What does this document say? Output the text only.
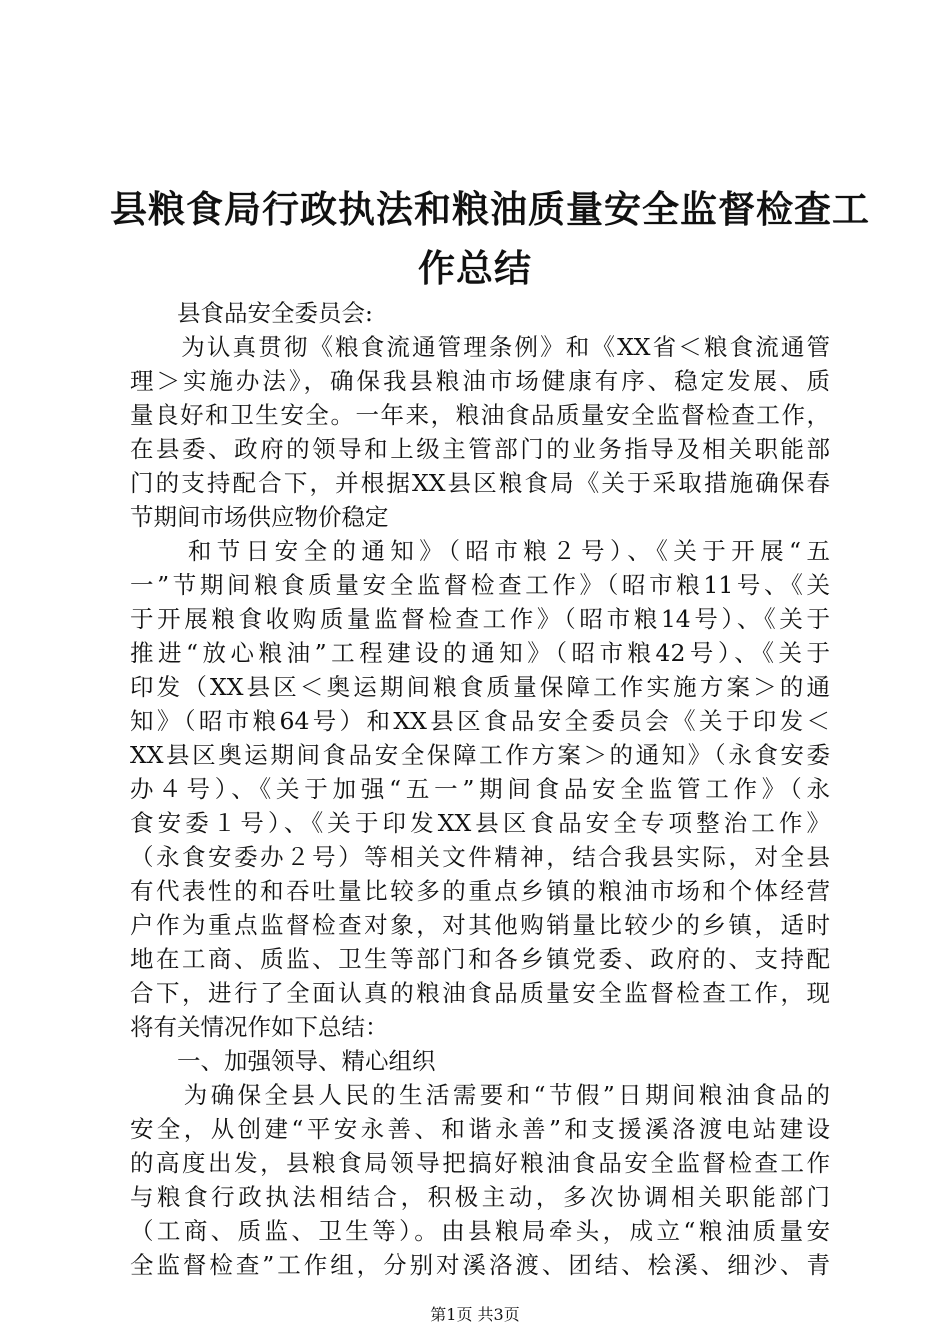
县粮食局行政执法和粮油质量安全监督检查工
作总结
　　县食品安全委员会:
　　为认真贯彻《粮食流通管理条例》和《XX省＜粮食流通管
理＞实施办法》，确保我县粮油市场健康有序、稳定发展、质
量良好和卫生安全。一年来，粮油食品质量安全监督检查工作，
在县委、政府的领导和上级主管部门的业务指导及相关职能部
门的支持配合下，并根据XX县区粮食局《关于采取措施确保春
节期间市场供应物价稳定
　　和节日安全的通知》（昭市粮２号）、《关于开展“五
一”节期间粮食质量安全监督检查工作》（昭市粮11号、《关
于开展粮食收购质量监督检查工作》（昭市粮14号）、《关于
推进“放心粮油”工程建设的通知》（昭市粮42号）、《关于
印发（XX县区＜奥运期间粮食质量保障工作实施方案＞的通
知》（昭市粮64号）和XX县区食品安全委员会《关于印发＜
XX县区奥运期间食品安全保障工作方案＞的通知》（永食安委
办４号）、《关于加强“五一”期间食品安全监管工作》（永
食安委１号）、《关于印发XX县区食品安全专项整治工作》
（永食安委办２号）等相关文件精神，结合我县实际，对全县
有代表性的和吞吐量比较多的重点乡镇的粮油市场和个体经营
户作为重点监督检查对象，对其他购销量比较少的乡镇，适时
地在工商、质监、卫生等部门和各乡镇党委、政府的、支持配
合下，进行了全面认真的粮油食品质量安全监督检查工作，现
将有关情况作如下总结：
　　一、加强领导、精心组织
　　为确保全县人民的生活需要和“节假”日期间粮油食品的
安全，从创建“平安永善、和谐永善”和支援溪洛渡电站建设
的高度出发，县粮食局领导把搞好粮油食品安全监督检查工作
与粮食行政执法相结合，积极主动，多次协调相关职能部门
（工商、质监、卫生等）。由县粮局牵头，成立“粮油质量安
全监督检查”工作组，分别对溪洛渡、团结、桧溪、细沙、青
第1页 共3页
